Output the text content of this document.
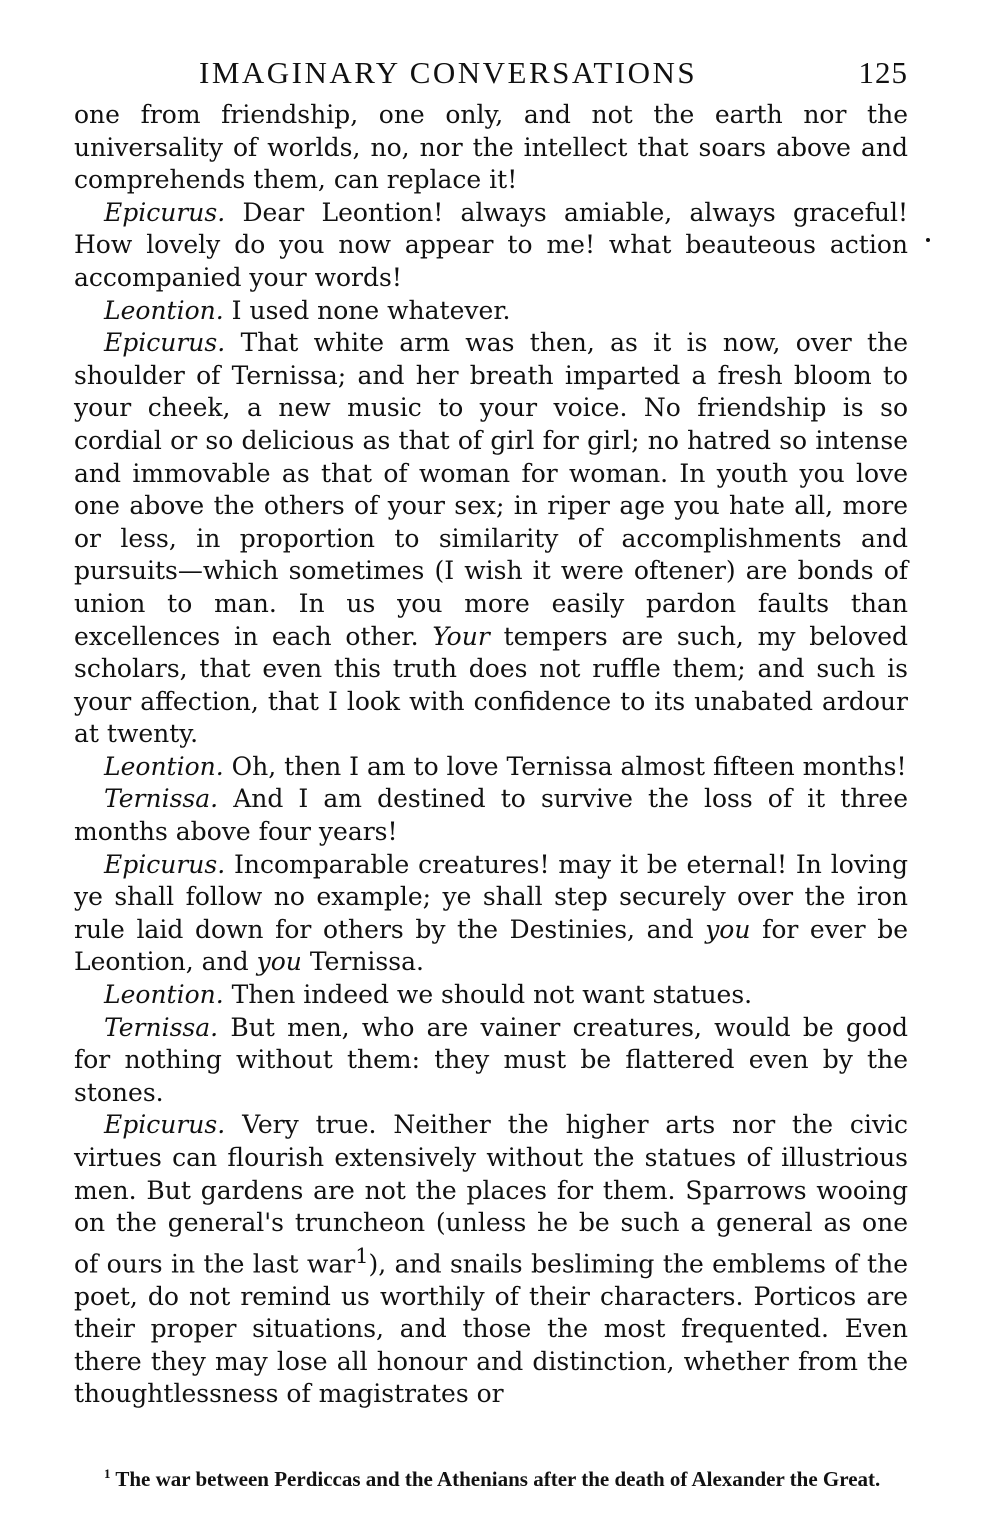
IMAGINARY CONVERSATIONS	125

one from friendship, one only, and not the earth nor the universality of worlds, no, nor the intellect that soars above and comprehends them, can replace it!

Epicurus. Dear Leontion! always amiable, always graceful! How lovely do you now appear to me! what beauteous action accompanied your words!

Leontion. I used none whatever.

Epicurus. That white arm was then, as it is now, over the shoulder of Ternissa; and her breath imparted a fresh bloom to your cheek, a new music to your voice. No friendship is so cordial or so delicious as that of girl for girl; no hatred so intense and immovable as that of woman for woman. In youth you love one above the others of your sex; in riper age you hate all, more or less, in proportion to similarity of accomplishments and pursuits—which sometimes (I wish it were oftener) are bonds of union to man. In us you more easily pardon faults than excellences in each other. Your tempers are such, my beloved scholars, that even this truth does not ruffle them; and such is your affection, that I look with confidence to its unabated ardour at twenty.

Leontion. Oh, then I am to love Ternissa almost fifteen months!

Ternissa. And I am destined to survive the loss of it three months above four years!

Epicurus. Incomparable creatures! may it be eternal! In loving ye shall follow no example; ye shall step securely over the iron rule laid down for others by the Destinies, and you for ever be Leontion, and you Ternissa.

Leontion. Then indeed we should not want statues.

Ternissa. But men, who are vainer creatures, would be good for nothing without them: they must be flattered even by the stones.

Epicurus. Very true. Neither the higher arts nor the civic virtues can flourish extensively without the statues of illustrious men. But gardens are not the places for them. Sparrows wooing on the general's truncheon (unless he be such a general as one of ours in the last war$^1$), and snails besliming the emblems of the poet, do not remind us worthily of their characters. Porticos are their proper situations, and those the most frequented. Even there they may lose all honour and distinction, whether from the thoughtlessness of magistrates or

$^1$ The war between Perdiccas and the Athenians after the death of Alexander the Great.
